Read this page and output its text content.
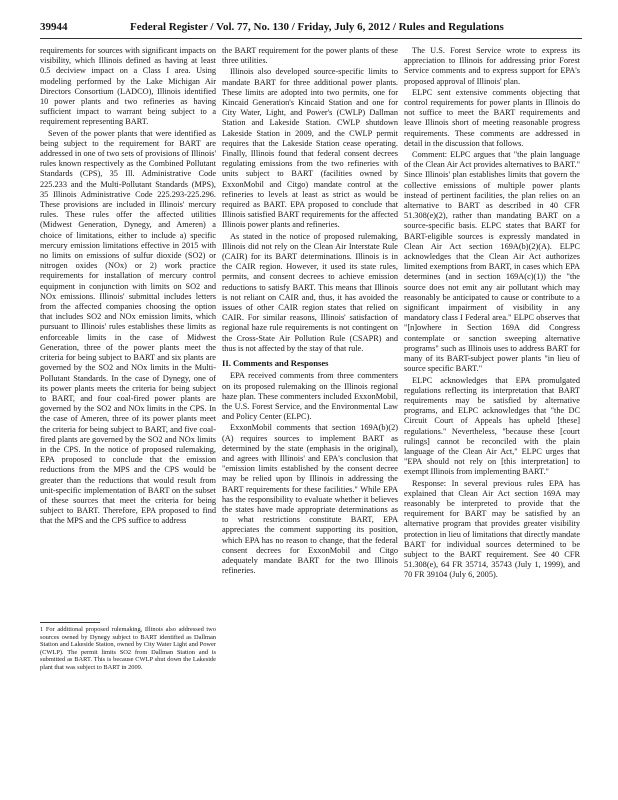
39944	Federal Register / Vol. 77, No. 130 / Friday, July 6, 2012 / Rules and Regulations

requirements for sources with significant impacts on visibility, which Illinois defined as having at least 0.5 deciview impact on a Class I area. Using modeling performed by the Lake Michigan Air Directors Consortium (LADCO), Illinois identified 10 power plants and two refineries as having sufficient impact to warrant being subject to a requirement representing BART.

Seven of the power plants that were identified as being subject to the requirement for BART are addressed in one of two sets of provisions of Illinois' rules known respectively as the Combined Pollutant Standards (CPS), 35 Ill. Administrative Code 225.233 and the Multi-Pollutant Standards (MPS), 35 Illinois Administrative Code 225.293-225.296. These provisions are included in Illinois' mercury rules. These rules offer the affected utilities (Midwest Generation, Dynegy, and Ameren) a choice of limitations, either to include a) specific mercury emission limitations effective in 2015 with no limits on emissions of sulfur dioxide (SO2) or nitrogen oxides (NOx) or 2) work practice requirements for installation of mercury control equipment in conjunction with limits on SO2 and NOx emissions. Illinois' submittal includes letters from the affected companies choosing the option that includes SO2 and NOx emission limits, which pursuant to Illinois' rules establishes these limits as enforceable limits in the case of Midwest Generation, three of the power plants meet the criteria for being subject to BART and six plants are governed by the SO2 and NOx limits in the Multi-Pollutant Standards. In the case of Dynegy, one of its power plants meets the criteria for being subject to BART, and four coal-fired power plants are governed by the SO2 and NOx limits in the CPS. In the case of Ameren, three of its power plants meet the criteria for being subject to BART, and five coal-fired plants are governed by the SO2 and NOx limits in the CPS. In the notice of proposed rulemaking, EPA proposed to conclude that the emission reductions from the MPS and the CPS would be greater than the reductions that would result from unit-specific implementation of BART on the subset of these sources that meet the criteria for being subject to BART. Therefore, EPA proposed to find that the MPS and the CPS suffice to address

the BART requirement for the power plants of these three utilities.

Illinois also developed source-specific limits to mandate BART for three additional power plants. These limits are adopted into two permits, one for Kincaid Generation's Kincaid Station and one for City Water, Light, and Power's (CWLP) Dallman Station and Lakeside Station. CWLP shutdown Lakeside Station in 2009, and the CWLP permit requires that the Lakeside Station cease operating. Finally, Illinois found that federal consent decrees regulating emissions from the two refineries with units subject to BART (facilities owned by ExxonMobil and Citgo) mandate control at the refineries to levels at least as strict as would be required as BART. EPA proposed to conclude that Illinois satisfied BART requirements for the affected Illinois power plants and refineries.

As stated in the notice of proposed rulemaking, Illinois did not rely on the Clean Air Interstate Rule (CAIR) for its BART determinations. Illinois is in the CAIR region. However, it used its state rules, permits, and consent decrees to achieve emission reductions to satisfy BART. This means that Illinois is not reliant on CAIR and, thus, it has avoided the issues of other CAIR region states that relied on CAIR. For similar reasons, Illinois' satisfaction of regional haze rule requirements is not contingent on the Cross-State Air Pollution Rule (CSAPR) and thus is not affected by the stay of that rule.

II. Comments and Responses

EPA received comments from three commenters on its proposed rulemaking on the Illinois regional haze plan. These commenters included ExxonMobil, the U.S. Forest Service, and the Environmental Law and Policy Center (ELPC).

ExxonMobil comments that section 169A(b)(2)(A) requires sources to implement BART as determined by the state (emphasis in the original), and agrees with Illinois' and EPA's conclusion that "emission limits established by the consent decree may be relied upon by Illinois in addressing the BART requirements for these facilities." While EPA has the responsibility to evaluate whether it believes the states have made appropriate determinations as to what restrictions constitute BART, EPA appreciates the comment supporting its position, which EPA has no reason to change, that the federal consent decrees for ExxonMobil and Citgo adequately mandate BART for the two Illinois refineries.

The U.S. Forest Service wrote to express its appreciation to Illinois for addressing prior Forest Service comments and to express support for EPA's proposed approval of Illinois' plan.

ELPC sent extensive comments objecting that control requirements for power plants in Illinois do not suffice to meet the BART requirements and leave Illinois short of meeting reasonable progress requirements. These comments are addressed in detail in the discussion that follows.

Comment: ELPC argues that "the plain language of the Clean Air Act provides alternatives to BART." Since Illinois' plan establishes limits that govern the collective emissions of multiple power plants instead of pertinent facilities, the plan relies on an alternative to BART as described in 40 CFR 51.308(e)(2), rather than mandating BART on a source-specific basis. ELPC states that BART for BART-eligible sources is expressly mandated in Clean Air Act section 169A(b)(2)(A). ELPC acknowledges that the Clean Air Act authorizes limited exemptions from BART, in cases which EPA determines (and in section 169A(c)(1)) the "the source does not emit any air pollutant which may reasonably be anticipated to cause or contribute to a significant impairment of visibility in any mandatory class I Federal area." ELPC observes that "[n]owhere in Section 169A did Congress contemplate or sanction sweeping alternative programs" such as Illinois uses to address BART for many of its BART-subject power plants "in lieu of source specific BART."

ELPC acknowledges that EPA promulgated regulations reflecting its interpretation that BART requirements may be satisfied by alternative programs, and ELPC acknowledges that "the DC Circuit Court of Appeals has upheld [these] regulations." Nevertheless, "because these [court rulings] cannot be reconciled with the plain language of the Clean Air Act," ELPC urges that "EPA should not rely on [this interpretation] to exempt Illinois from implementing BART."

Response: In several previous rules EPA has explained that Clean Air Act section 169A may reasonably be interpreted to provide that the requirement for BART may be satisfied by an alternative program that provides greater visibility protection in lieu of limitations that directly mandate BART for individual sources determined to be subject to the BART requirement. See 40 CFR 51.308(e), 64 FR 35714, 35743 (July 1, 1999), and 70 FR 39104 (July 6, 2005).

1 For additional proposed rulemaking, Illinois also addressed two sources owned by Dynegy subject to BART identified as Dallman Station and Lakeside Station, owned by City Water Light and Power (CWLP). The permit limits SO2 from Dallman Station and is submitted as BART. This is because CWLP shut down the Lakeside plant that was subject to BART in 2009.
